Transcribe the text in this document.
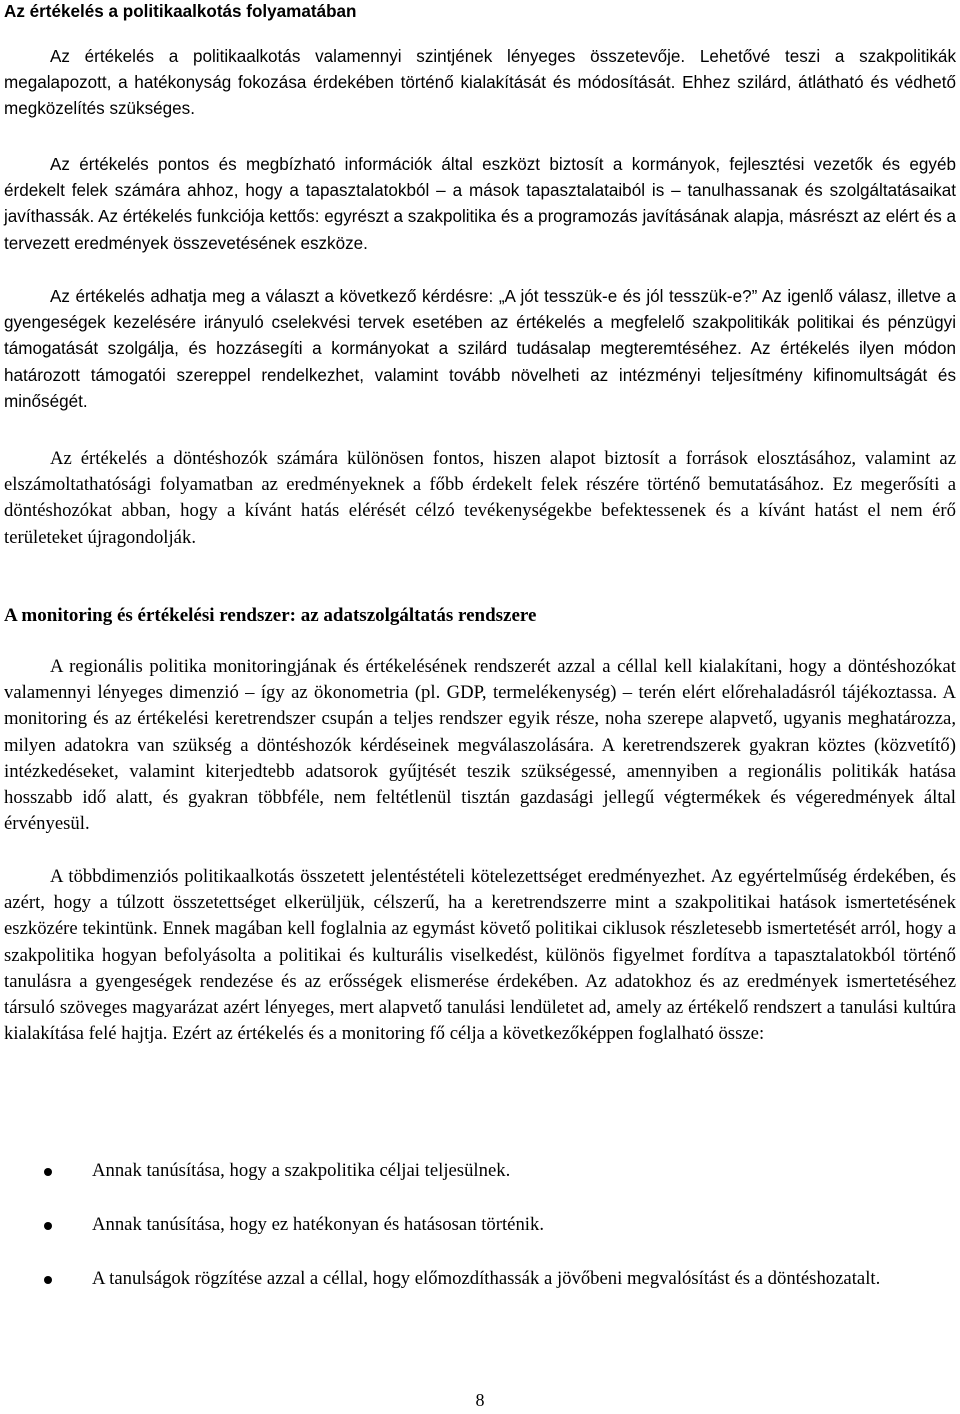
Az értékelés a politikaalkotás folyamatában

Az értékelés a politikaalkotás valamennyi szintjének lényeges összetevője. Lehetővé teszi a szakpolitikák megalapozott, a hatékonyság fokozása érdekében történő kialakítását és módosítását. Ehhez szilárd, átlátható és védhető megközelítés szükséges.

Az értékelés pontos és megbízható információk által eszközt biztosít a kormányok, fejlesztési vezetők és egyéb érdekelt felek számára ahhoz, hogy a tapasztalatokból – a mások tapasztalataiból is – tanulhassanak és szolgáltatásaikat javíthassák. Az értékelés funkciója kettős: egyrészt a szakpolitika és a programozás javításának alapja, másrészt az elért és a tervezett eredmények összevetésének eszköze.

Az értékelés adhatja meg a választ a következő kérdésre: „A jót tesszük-e és jól tesszük-e?” Az igenlő válasz, illetve a gyengeségek kezelésére irányuló cselekvési tervek esetében az értékelés a megfelelő szakpolitikák politikai és pénzügyi támogatását szolgálja, és hozzásegíti a kormányokat a szilárd tudásalap megteremtéséhez. Az értékelés ilyen módon határozott támogatói szereppel rendelkezhet, valamint tovább növelheti az intézményi teljesítmény kifinomultságát és minőségét.

Az értékelés a döntéshozók számára különösen fontos, hiszen alapot biztosít a források elosztásához, valamint az elszámoltathatósági folyamatban az eredményeknek a főbb érdekelt felek részére történő bemutatásához. Ez megerősíti a döntéshozókat abban, hogy a kívánt hatás elérését célzó tevékenységekbe befektessenek és a kívánt hatást el nem érő területeket újragondolják.

A monitoring és értékelési rendszer: az adatszolgáltatás rendszere

A regionális politika monitoringjának és értékelésének rendszerét azzal a céllal kell kialakítani, hogy a döntéshozókat valamennyi lényeges dimenzió – így az ökonometria (pl. GDP, termelékenység) – terén elért előrehaladásról tájékoztassa. A monitoring és az értékelési keretrendszer csupán a teljes rendszer egyik része, noha szerepe alapvető, ugyanis meghatározza, milyen adatokra van szükség a döntéshozók kérdéseinek megválaszolására. A keretrendszerek gyakran köztes (közvetítő) intézkedéseket, valamint kiterjedtebb adatsorok gyűjtését teszik szükségessé, amennyiben a regionális politikák hatása hosszabb idő alatt, és gyakran többféle, nem feltétlenül tisztán gazdasági jellegű végtermékek és végeredmények által érvényesül.

A többdimenziós politikaalkotás összetett jelentéstételi kötelezettséget eredményezhet. Az egyértelműség érdekében, és azért, hogy a túlzott összetettséget elkerüljük, célszerű, ha a keretrendszerre mint a szakpolitikai hatások ismertetésének eszközére tekintünk. Ennek magában kell foglalnia az egymást követő politikai ciklusok részletesebb ismertetését arról, hogy a szakpolitika hogyan befolyásolta a politikai és kulturális viselkedést, különös figyelmet fordítva a tapasztalatokból történő tanulásra a gyengeségek rendezése és az erősségek elismerése érdekében. Az adatokhoz és az eredmények ismertetéséhez társuló szöveges magyarázat azért lényeges, mert alapvető tanulási lendületet ad, amely az értékelő rendszert a tanulási kultúra kialakítása felé hajtja. Ezért az értékelés és a monitoring fő célja a következőképpen foglalható össze:

Annak tanúsítása, hogy a szakpolitika céljai teljesülnek.
Annak tanúsítása, hogy ez hatékonyan és hatásosan történik.
A tanulságok rögzítése azzal a céllal, hogy előmozdíthassák a jövőbeni megvalósítást és a döntéshozatalt.
8
